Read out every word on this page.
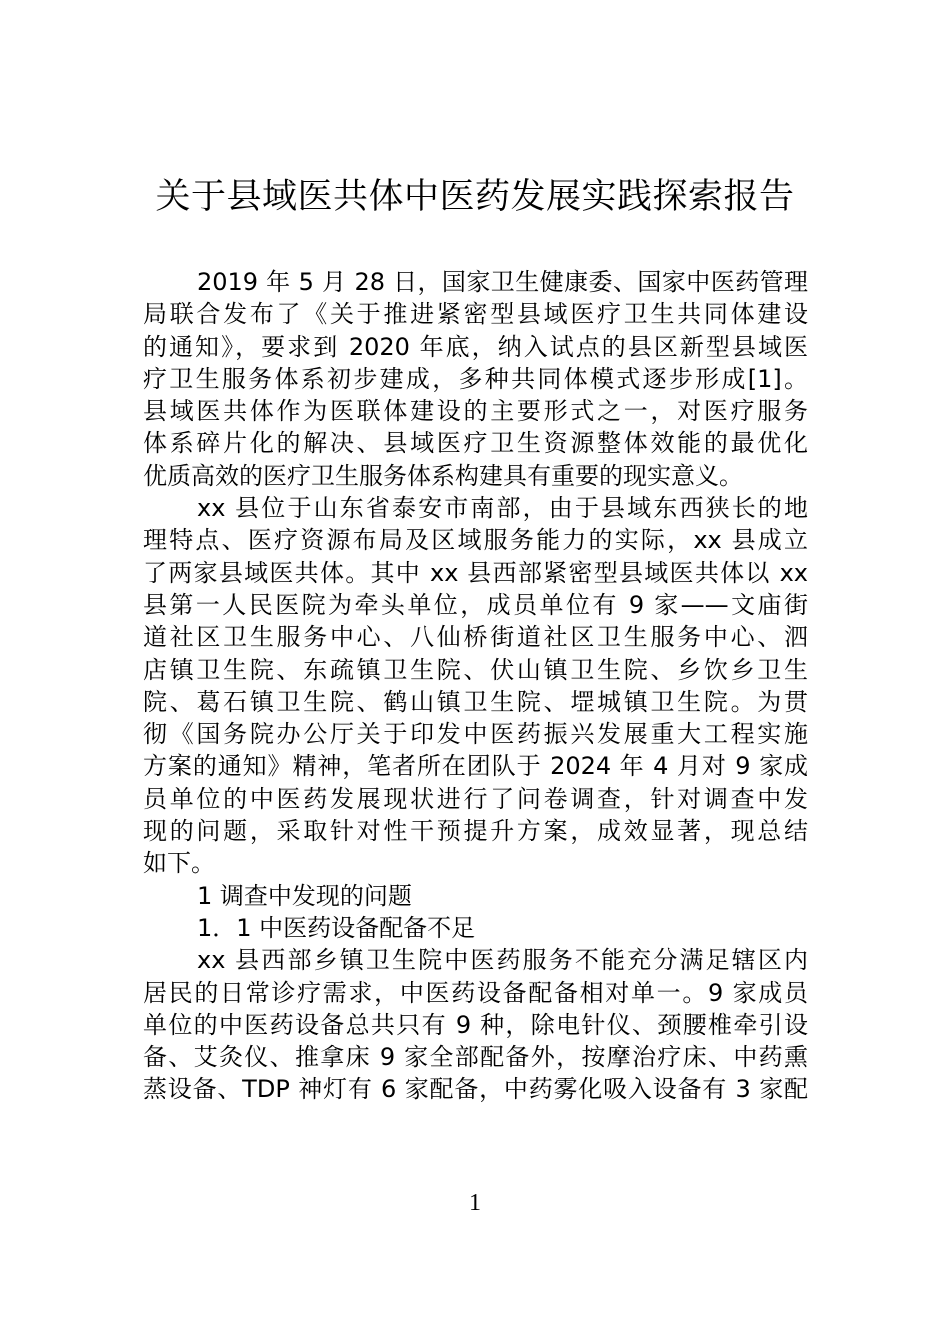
关于县域医共体中医药发展实践探索报告
2019 年 5 月 28 日，国家卫生健康委、国家中医药管理
局联合发布了《关于推进紧密型县域医疗卫生共同体建设
的通知》，要求到 2020 年底，纳入试点的县区新型县域医
疗卫生服务体系初步建成，多种共同体模式逐步形成[1]。
县域医共体作为医联体建设的主要形式之一，对医疗服务
体系碎片化的解决、县域医疗卫生资源整体效能的最优化
优质高效的医疗卫生服务体系构建具有重要的现实意义。
xx 县位于山东省泰安市南部，由于县域东西狭长的地
理特点、医疗资源布局及区域服务能力的实际，xx 县成立
了两家县域医共体。其中 xx 县西部紧密型县域医共体以 xx
县第一人民医院为牵头单位，成员单位有 9 家——文庙街
道社区卫生服务中心、八仙桥街道社区卫生服务中心、泗
店镇卫生院、东疏镇卫生院、伏山镇卫生院、乡饮乡卫生
院、葛石镇卫生院、鹤山镇卫生院、堽城镇卫生院。为贯
彻《国务院办公厅关于印发中医药振兴发展重大工程实施
方案的通知》精神，笔者所在团队于 2024 年 4 月对 9 家成
员单位的中医药发展现状进行了问卷调查，针对调查中发
现的问题，采取针对性干预提升方案，成效显著，现总结
如下。
1 调查中发现的问题
1．1 中医药设备配备不足
xx 县西部乡镇卫生院中医药服务不能充分满足辖区内
居民的日常诊疗需求，中医药设备配备相对单一。9 家成员
单位的中医药设备总共只有 9 种，除电针仪、颈腰椎牵引设
备、艾灸仪、推拿床 9 家全部配备外，按摩治疗床、中药熏
蒸设备、TDP 神灯有 6 家配备，中药雾化吸入设备有 3 家配
1
